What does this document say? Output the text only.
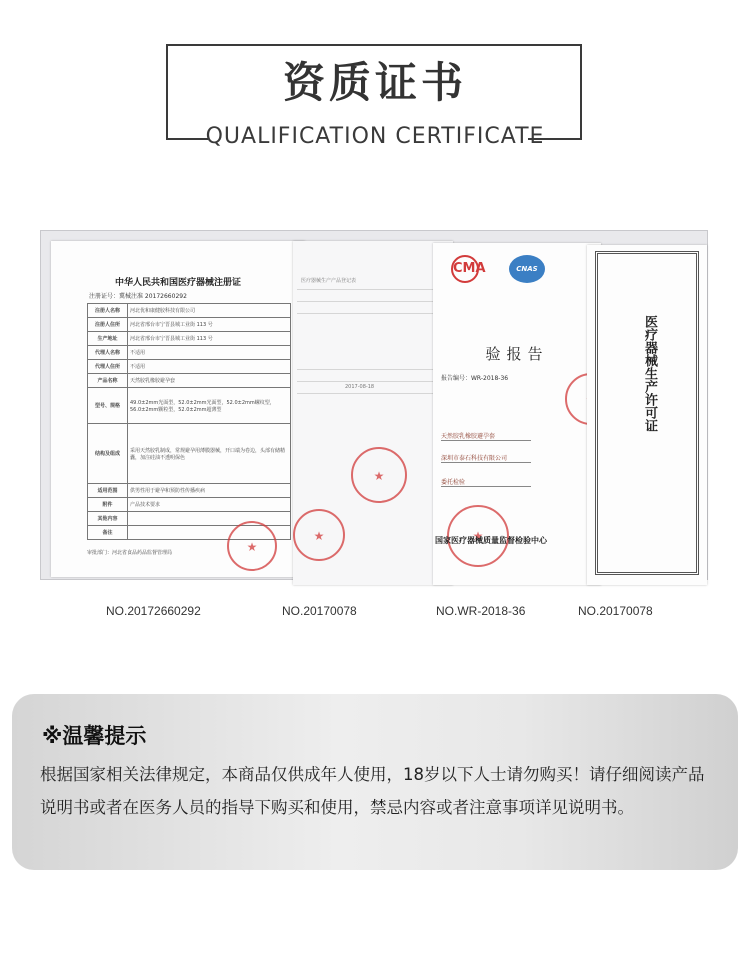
资质证书
QUALIFICATION CERTIFICATE
中华人民共和国医疗器械注册证
注册证号：冀械注准 20172660292
注册人名称	河北优和康健胶科技有限公司
注册人住所	河北省邢台市宁晋县城工业街 113 号
生产地址	河北省邢台市宁晋县城工业街 113 号
代理人名称	不适用
代理人住所	不适用
产品名称	天然胶乳橡胶避孕套
型号、规格	49.0±2mm光面型，52.0±2mm光面型，52.0±2mm螺纹型，56.0±2mm颗粒型，52.0±2mm超薄型
结构及组成	采用天然胶乳制成，常规避孕用薄膜器械，开口端为卷边，头部有储精囊，加注硅油不透明保色
适用范围	供男性用于避孕和预防性传播疾病
附件	产品技术要求
其他内容	
备注	
审批部门：河北省食品药品监督管理局
★
医疗器械生产产品登记表
2017-08-18
★
★
CMA	CNAS
验报告
报告编号：WR-2018-36
天然胶乳橡胶避孕套
深圳市泰石科技有限公司
委托检验
★
国家医疗器械质量监督检验中心
★
医疗器械生产许可证
NO.20172660292	NO.20170078	NO.WR-2018-36	NO.20170078
※温馨提示
根据国家相关法律规定，本商品仅供成年人使用，18岁以下人士请勿购买！请仔细阅读产品说明书或者在医务人员的指导下购买和使用，禁忌内容或者注意事项详见说明书。
